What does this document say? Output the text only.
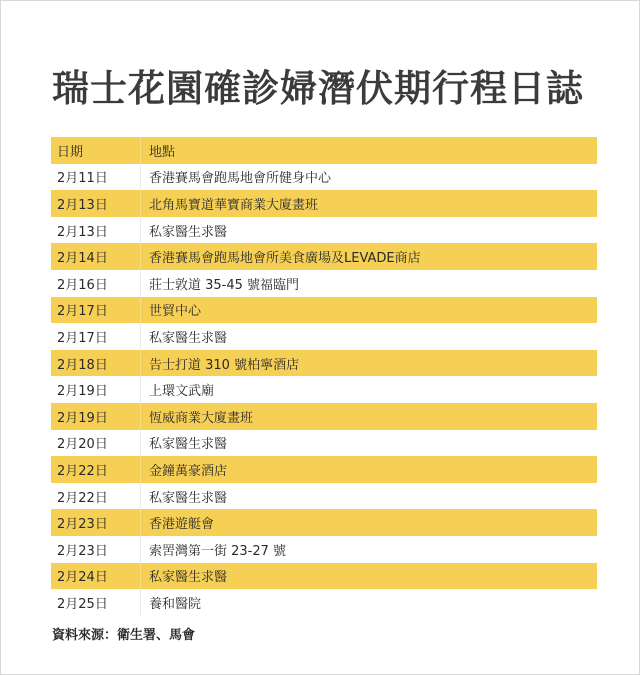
瑞士花園確診婦潛伏期行程日誌
日期	地點
2月11日	香港賽馬會跑馬地會所健身中心
2月13日	北角馬寶道華寶商業大廈畫班
2月13日	私家醫生求醫
2月14日	香港賽馬會跑馬地會所美食廣場及LEVADE商店
2月16日	莊士敦道 35-45 號福臨門
2月17日	世貿中心
2月17日	私家醫生求醫
2月18日	告士打道 310 號柏寧酒店
2月19日	上環文武廟
2月19日	恆威商業大廈畫班
2月20日	私家醫生求醫
2月22日	金鐘萬豪酒店
2月22日	私家醫生求醫
2月23日	香港遊艇會
2月23日	索罟灣第一街 23-27 號
2月24日	私家醫生求醫
2月25日	養和醫院
資料來源：衛生署、馬會
